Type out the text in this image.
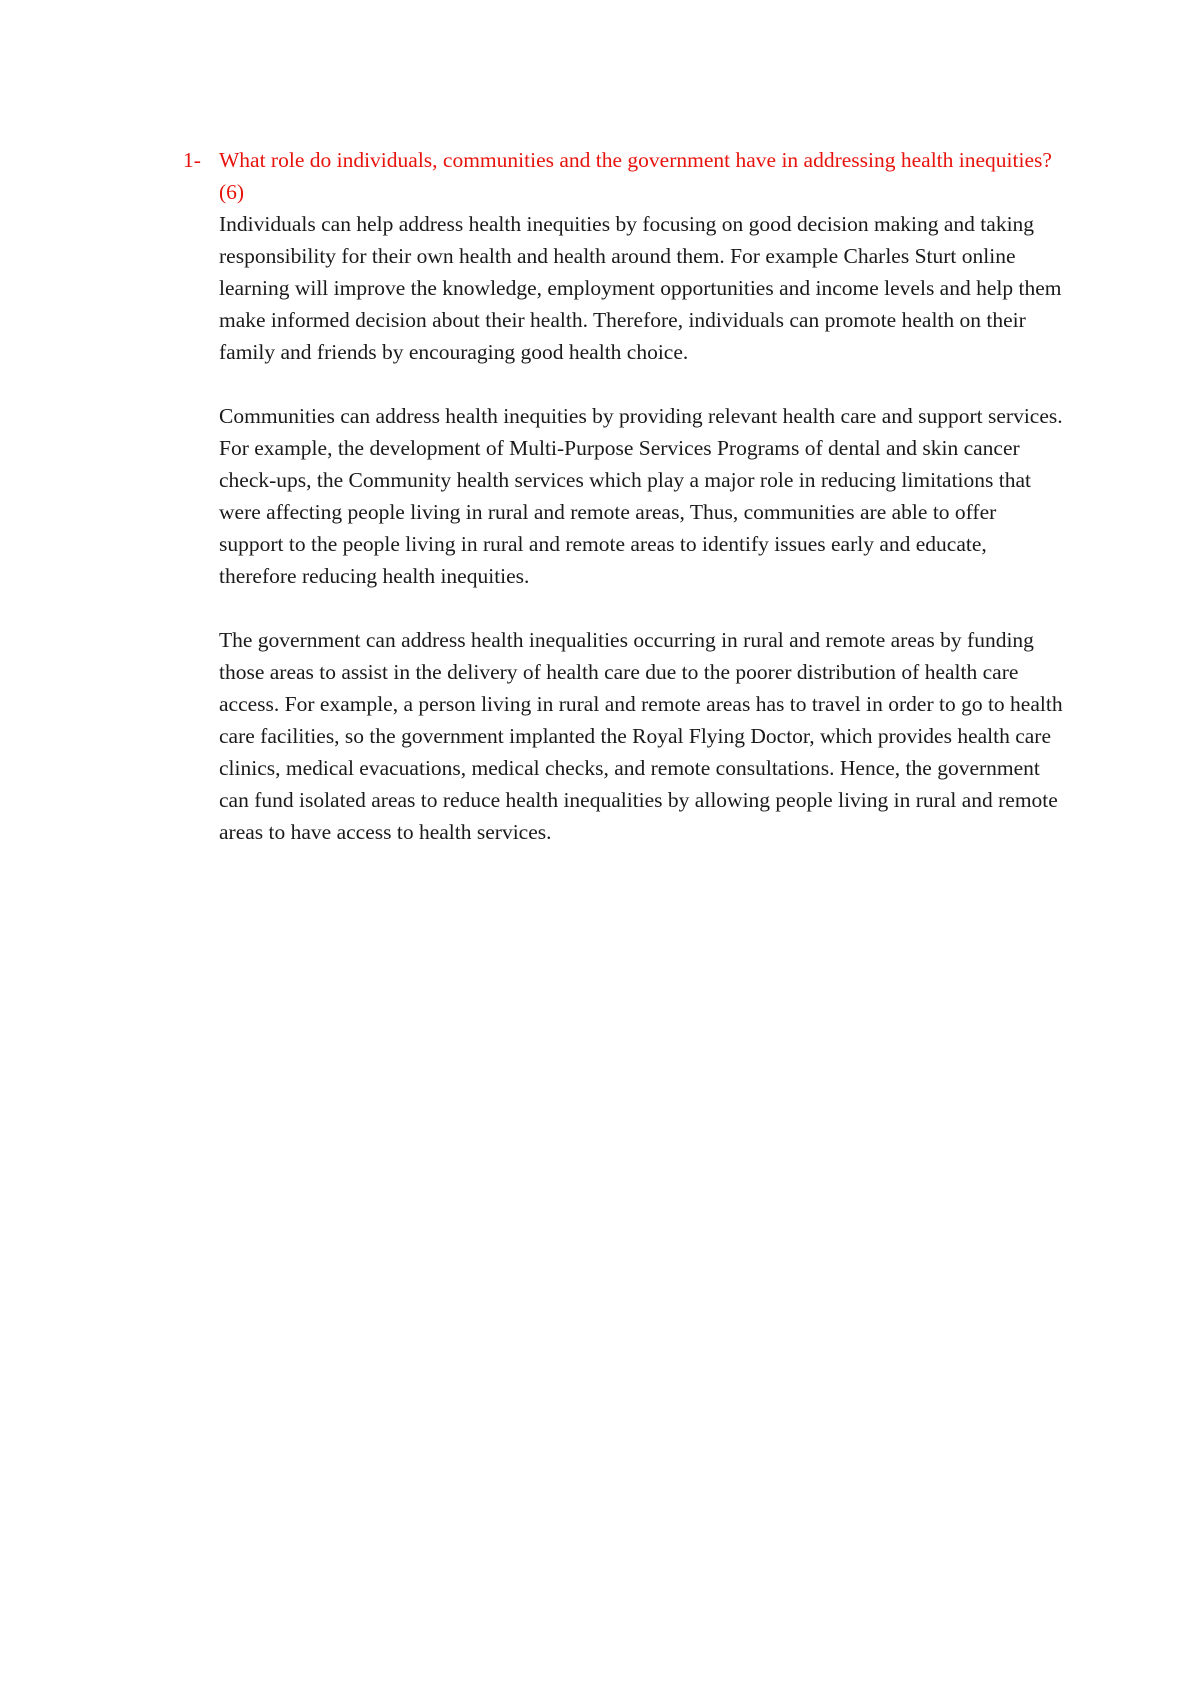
1- What role do individuals, communities and the government have in addressing health inequities? (6)

Individuals can help address health inequities by focusing on good decision making and taking responsibility for their own health and health around them. For example Charles Sturt online learning will improve the knowledge, employment opportunities and income levels and help them make informed decision about their health. Therefore, individuals can promote health on their family and friends by encouraging good health choice.

Communities can address health inequities by providing relevant health care and support services. For example, the development of Multi-Purpose Services Programs of dental and skin cancer check-ups, the Community health services which play a major role in reducing limitations that were affecting people living in rural and remote areas, Thus, communities are able to offer support to the people living in rural and remote areas to identify issues early and educate, therefore reducing health inequities.

The government can address health inequalities occurring in rural and remote areas by funding those areas to assist in the delivery of health care due to the poorer distribution of health care access. For example, a person living in rural and remote areas has to travel in order to go to health care facilities, so the government implanted the Royal Flying Doctor, which provides health care clinics, medical evacuations, medical checks, and remote consultations. Hence, the government can fund isolated areas to reduce health inequalities by allowing people living in rural and remote areas to have access to health services.
